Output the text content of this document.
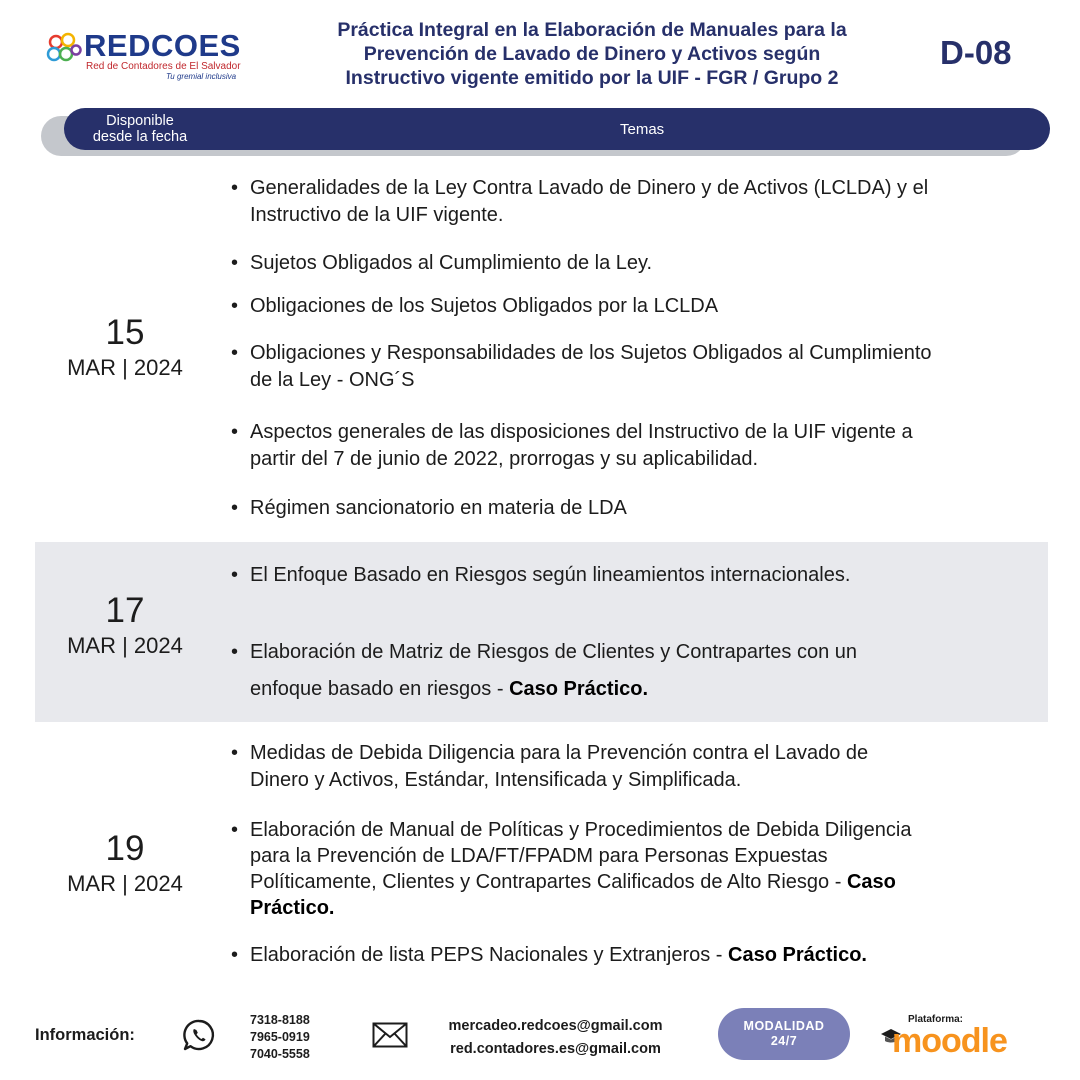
REDCOES
Red de Contadores de El Salvador
Tu gremial inclusiva
Práctica Integral en la Elaboración de Manuales para la
Prevención de Lavado de Dinero y Activos según
Instructivo vigente emitido por la UIF - FGR / Grupo 2
D-08
Disponible
desde la fecha	Temas
15
MAR | 2024
• Generalidades de la Ley Contra Lavado de Dinero y de Activos (LCLDA) y el
Instructivo de la UIF vigente.
• Sujetos Obligados al Cumplimiento de la Ley.
• Obligaciones de los Sujetos Obligados por la LCLDA
• Obligaciones y Responsabilidades de los Sujetos Obligados al Cumplimiento
de la Ley - ONG´S
• Aspectos generales de las disposiciones del Instructivo de la UIF vigente a
partir del 7 de junio de 2022, prorrogas y su aplicabilidad.
• Régimen sancionatorio en materia de LDA
17
MAR | 2024
• El Enfoque Basado en Riesgos según lineamientos internacionales.
• Elaboración de Matriz de Riesgos de Clientes y Contrapartes con un
enfoque basado en riesgos - Caso Práctico.
19
MAR | 2024
• Medidas de Debida Diligencia para la Prevención contra el Lavado de
Dinero y Activos, Estándar, Intensificada y Simplificada.
• Elaboración de Manual de Políticas y Procedimientos de Debida Diligencia
para la Prevención de LDA/FT/FPADM para Personas Expuestas
Políticamente, Clientes y Contrapartes Calificados de Alto Riesgo - Caso
Práctico.
• Elaboración de lista PEPS Nacionales y Extranjeros - Caso Práctico.
Información:
7318-8188
7965-0919
7040-5558
mercadeo.redcoes@gmail.com
red.contadores.es@gmail.com
MODALIDAD
24/7
Plataforma:
moodle
